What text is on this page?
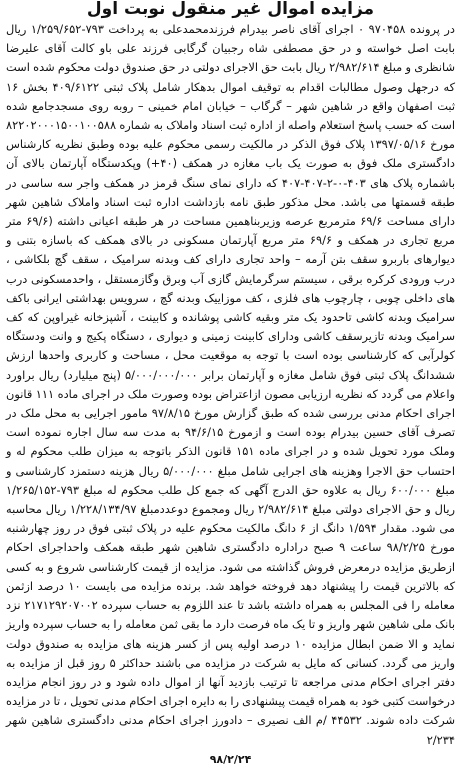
مزایده اموال غیر منقول نوبت اول

در پرونده ۹۷۰۴۵۸ ۰ اجرای آقای ناصر بیدرام فرزندمحمدعلی به پرداخت ۷۹۳-۱/۲۵۹/۶۵۲ ریال بابت اصل خواسته و در حق مصطفی شاه رجبیان گرگابی فرزند علی باو کالت آقای علیرضا شانظری و مبلغ ۲/۹۸۲/۶۱۴ ریال بابت حق الاجرای دولتی در حق صندوق دولت محکوم شده است که درجهل وصول مطالبات اقدام به توقیف اموال بدهکار شامل پلاک ثبتی ۴۰۹/۶۱۲۲ بخش ۱۶ ثبت اصفهان واقع در شاهین شهر – گرگاب – خیابان امام خمینی – روبه روی مسجدجامع شده است که حسب پاسخ استعلام واصله از اداره ثبت اسناد واملاک به شماره ۸۲۲۰۲۰۰۰۱۵۰۰۱۰۰۵۸۸ مورخ ۱۳۹۷/۰۵/۱۶ پلاک فوق الذکر در مالکیت رسمی محکوم علیه بوده وطبق نظریه کارشناس دادگستری ملک فوق به صورت یک باب مغازه در همکف (۴۰+) وپکدستگاه آپارتمان بالای آن باشماره پلاک های ۴۰۳-۰-۲-۴۰۷-۴۰۷ که دارای نمای سنگ قرمز در همکف واجر سه ساسی در طبقه قسمتها می باشد. محل مذکور طبق نامه بازداشت اداره ثبت اسناد واملاک شاهین شهر دارای مساحت ۶۹/۶ مترمربع عرصه وزیربناهمین مساحت در هر طبقه اعیانی داشته (۶۹/۶ متر مربع تجاری در همکف و ۶۹/۶ متر مربع آپارتمان مسکونی در بالای همکف که باسازه بتنی و دیوارهای باربرو سقف بتن آرمه – واحد تجاری دارای کف وبدنه سرامیک ، سقف گچ بلکاشی ، درب ورودی کرکره برقی ، سیستم سرگرمایش گازی آب وبرق وگازمستقل ، واحدمسکونی درب های داخلی چوبی ، چارچوب های فلزی ، کف موزاییک وبدنه گچ ، سرویس بهداشتی ایرانی باکف سرامیک وبدنه کاشی تاحدود یک متر وبقیه کاشی پوشانده و کابینت ، آشپزخانه غیراوپن که کف سرامیک وبدنه تازیرسقف کاشی ودارای کابینت زمینی و دیواری ، دستگاه پکیج و وانت ودستگاه کولرآبی که کارشناسی بوده است با توجه به موقعیت محل ، مساحت و کاربری واحدها ارزش ششدانگ پلاک ثبتی فوق شامل مغازه و آپارتمان برابر ۵/۰۰۰/۰۰۰/۰۰۰ (پنج میلیارد) ریال براورد واعلام می گردد که نظریه ارزیابی مصون ازاعتراض بوده وصورت ملک در اجرای ماده ۱۱۱ قانون اجرای احکام مدنی بررسی شده که طبق گزارش مورخ ۹۷/۸/۱۵ مامور اجرایی به محل ملک در تصرف آقای حسین بیدرام بوده است و ازمورخ ۹۴/۶/۱۵ به مدت سه سال اجاره نموده است وملک مورد تحویل شده و در اجرای ماده ۱۵۱ قانون الذکر باتوجه به میزان طلب محکوم له و احتساب حق الاجرا وهزینه های اجرایی شامل مبلغ ۵/۰۰۰/۰۰۰ ریال هزینه دستمزد کارشناسی و مبلغ ۶۰۰/۰۰۰ ریال به علاوه حق الدرج آگهی که جمع کل طلب محکوم له مبلغ ۷۹۳-۱/۲۶۵/۱۵۲ ریال و حق الاجرای دولتی مبلغ ۲/۹۸۲/۶۱۴ ریال ومجموع دوعددمبلغ ۱/۲۲۸/۱۳۴/۹۷ ریال محاسبه می شود. مقدار ۱/۵۹۴ دانگ از ۶ دانگ مالکیت محکوم علیه در پلاک ثبتی فوق در روز چهارشنبه مورخ ۹۸/۲/۲۵ ساعت ۹ صبح دراداره دادگستری شاهین شهر طبقه همکف واحداجرای احکام ازطریق مزایده درمعرض فروش گذاشته می شود. مزایده از قیمت کارشناسی شروع و به کسی که بالاترین قیمت را پیشنهاد دهد فروخته خواهد شد. برنده مزایده می بایست ۱۰ درصد ازثمن معامله را فی المجلس به همراه داشته باشد تا عند اللزوم به حساب سپرده ۲۱۷۱۲۹۲۰۷۰۰۲ نزد بانک ملی شاهین شهر واریز و تا یک ماه فرصت دارد ما بقی ثمن معامله را به حساب سپرده واریز نماید و الا ضمن ابطال مزایده ۱۰ درصد اولیه پس از کسر هزینه های مزایده به صندوق دولت واریز می گردد. کسانی که مایل به شرکت در مزایده می باشند حداکثر ۵ روز قبل از مزایده به دفتر اجرای احکام مدنی مراجعه تا ترتیب بازدید آنها از اموال داده شود و در روز انجام مزایده درخواست کتبی خود به همراه قیمت پیشنهادی را به دایره اجرای احکام مدنی تحویل ، تا در مزایده شرکت داده شوند. ۴۴۵۳۲ /م الف نصیری – دادورز اجرای احکام مدنی دادگستری شاهین شهر ۲/۲۳۴

۹۸/۲/۲۴
